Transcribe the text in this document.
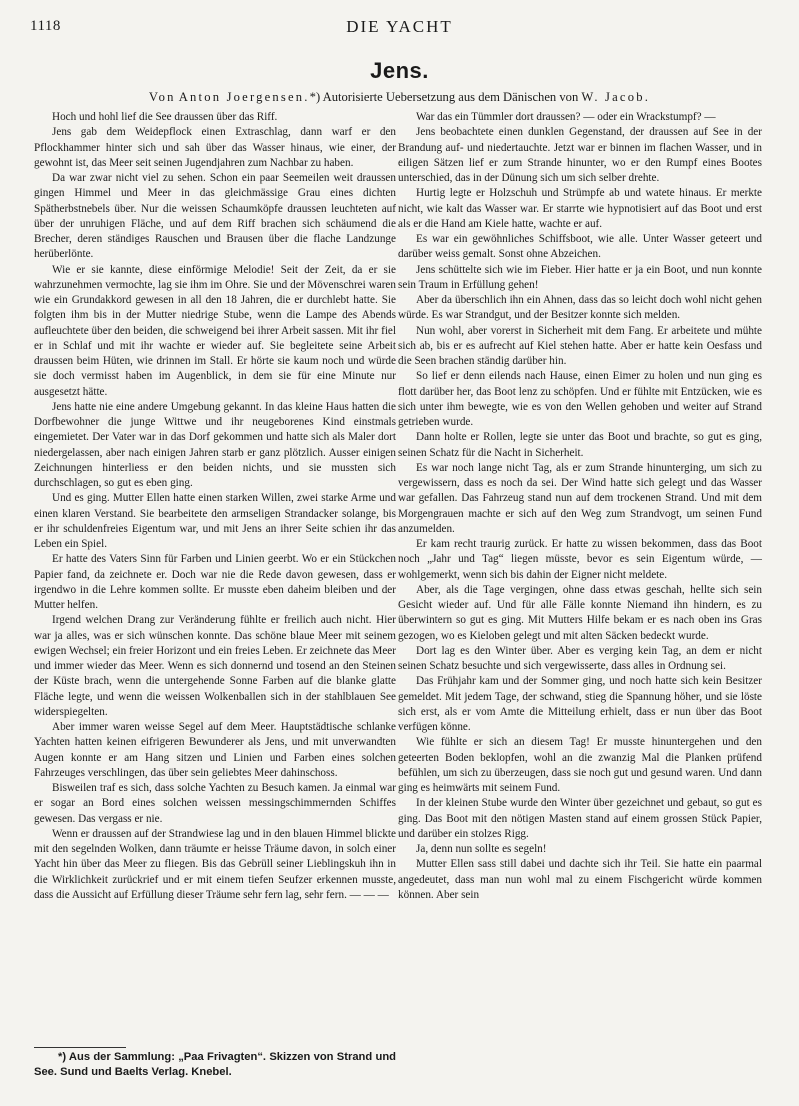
1118	DIE YACHT
Jens.
Von Anton Joergensen.*) Autorisierte Uebersetzung aus dem Dänischen von W. Jacob.

Hoch und hohl lief die See draussen über das Riff.

Jens gab dem Weidepflock einen Extraschlag, dann warf er den Pflockhammer hinter sich und sah über das Wasser hinaus, wie einer, der gewohnt ist, das Meer seit seinen Jugendjahren zum Nachbar zu haben.

Da war zwar nicht viel zu sehen. Schon ein paar Seemeilen weit draussen gingen Himmel und Meer in das gleichmässige Grau eines dichten Spätherbstnebels über. Nur die weissen Schaumköpfe draussen leuchteten auf über der unruhigen Fläche, und auf dem Riff brachen sich schäumend die Brecher, deren ständiges Rauschen und Brausen über die flache Landzunge herüberlönte.

Wie er sie kannte, diese einförmige Melodie! Seit der Zeit, da er sie wahrzunehmen vermochte, lag sie ihm im Ohre. Sie und der Mövenschrei waren wie ein Grundakkord gewesen in all den 18 Jahren, die er durchlebt hatte. Sie folgten ihm bis in der Mutter niedrige Stube, wenn die Lampe des Abends aufleuchtete über den beiden, die schweigend bei ihrer Arbeit sassen. Mit ihr fiel er in Schlaf und mit ihr wachte er wieder auf. Sie begleitete seine Arbeit draussen beim Hüten, wie drinnen im Stall. Er hörte sie kaum noch und würde sie doch vermisst haben im Augenblick, in dem sie für eine Minute nur ausgesetzt hätte.

Jens hatte nie eine andere Umgebung gekannt. In das kleine Haus hatten die Dorfbewohner die junge Wittwe und ihr neugeborenes Kind einstmals eingemietet. Der Vater war in das Dorf gekommen und hatte sich als Maler dort niedergelassen, aber nach einigen Jahren starb er ganz plötzlich. Ausser einigen Zeichnungen hinterliess er den beiden nichts, und sie mussten sich durchschlagen, so gut es eben ging.

Und es ging. Mutter Ellen hatte einen starken Willen, zwei starke Arme und einen klaren Verstand. Sie bearbeitete den armseligen Strandacker solange, bis er ihr schuldenfreies Eigentum war, und mit Jens an ihrer Seite schien ihr das Leben ein Spiel.

Er hatte des Vaters Sinn für Farben und Linien geerbt. Wo er ein Stückchen Papier fand, da zeichnete er. Doch war nie die Rede davon gewesen, dass er irgendwo in die Lehre kommen sollte. Er musste eben daheim bleiben und der Mutter helfen.

Irgend welchen Drang zur Veränderung fühlte er freilich auch nicht. Hier war ja alles, was er sich wünschen konnte. Das schöne blaue Meer mit seinem ewigen Wechsel; ein freier Horizont und ein freies Leben. Er zeichnete das Meer und immer wieder das Meer. Wenn es sich donnernd und tosend an den Steinen der Küste brach, wenn die untergehende Sonne Farben auf die blanke glatte Fläche legte, und wenn die weissen Wolkenballen sich in der stahlblauen See widerspiegelten.

Aber immer waren weisse Segel auf dem Meer. Hauptstädtische schlanke Yachten hatten keinen eifrigeren Bewunderer als Jens, und mit unverwandten Augen konnte er am Hang sitzen und Linien und Farben eines solchen Fahrzeuges verschlingen, das über sein geliebtes Meer dahinschoss.

Bisweilen traf es sich, dass solche Yachten zu Besuch kamen. Ja einmal war er sogar an Bord eines solchen weissen messingschimmernden Schiffes gewesen. Das vergass er nie.

Wenn er draussen auf der Strandwiese lag und in den blauen Himmel blickte mit den segelnden Wolken, dann träumte er heisse Träume davon, in solch einer Yacht hin über das Meer zu fliegen. Bis das Gebrüll seiner Lieblingskuh ihn in die Wirklichkeit zurückrief und er mit einem tiefen Seufzer erkennen musste, dass die Aussicht auf Erfüllung dieser Träume sehr fern lag, sehr fern. — — —

War das ein Tümmler dort draussen? — oder ein Wrackstumpf? —

Jens beobachtete einen dunklen Gegenstand, der draussen auf See in der Brandung auf- und niedertauchte. Jetzt war er binnen im flachen Wasser, und in eiligen Sätzen lief er zum Strande hinunter, wo er den Rumpf eines Bootes unterschied, das in der Dünung sich um sich selber drehte.

Hurtig legte er Holzschuh und Strümpfe ab und watete hinaus. Er merkte nicht, wie kalt das Wasser war. Er starrte wie hypnotisiert auf das Boot und erst als er die Hand am Kiele hatte, wachte er auf.

Es war ein gewöhnliches Schiffsboot, wie alle. Unter Wasser geteert und darüber weiss gemalt. Sonst ohne Abzeichen.

Jens schüttelte sich wie im Fieber. Hier hatte er ja ein Boot, und nun konnte sein Traum in Erfüllung gehen!

Aber da überschlich ihn ein Ahnen, dass das so leicht doch wohl nicht gehen würde. Es war Strandgut, und der Besitzer konnte sich melden.

Nun wohl, aber vorerst in Sicherheit mit dem Fang. Er arbeitete und mühte sich ab, bis er es aufrecht auf Kiel stehen hatte. Aber er hatte kein Oesfass und die Seen brachen ständig darüber hin.

So lief er denn eilends nach Hause, einen Eimer zu holen und nun ging es flott darüber her, das Boot lenz zu schöpfen. Und er fühlte mit Entzücken, wie es sich unter ihm bewegte, wie es von den Wellen gehoben und weiter auf Strand getrieben wurde.

Dann holte er Rollen, legte sie unter das Boot und brachte, so gut es ging, seinen Schatz für die Nacht in Sicherheit.

Es war noch lange nicht Tag, als er zum Strande hinunterging, um sich zu vergewissern, dass es noch da sei. Der Wind hatte sich gelegt und das Wasser war gefallen. Das Fahrzeug stand nun auf dem trockenen Strand. Und mit dem Morgengrauen machte er sich auf den Weg zum Strandvogt, um seinen Fund anzumelden.

Er kam recht traurig zurück. Er hatte zu wissen bekommen, dass das Boot noch „Jahr und Tag“ liegen müsste, bevor es sein Eigentum würde, — wohlgemerkt, wenn sich bis dahin der Eigner nicht meldete.

Aber, als die Tage vergingen, ohne dass etwas geschah, hellte sich sein Gesicht wieder auf. Und für alle Fälle konnte Niemand ihn hindern, es zu überwintern so gut es ging. Mit Mutters Hilfe bekam er es nach oben ins Gras gezogen, wo es Kieloben gelegt und mit alten Säcken bedeckt wurde.

Dort lag es den Winter über. Aber es verging kein Tag, an dem er nicht seinen Schatz besuchte und sich vergewisserte, dass alles in Ordnung sei.

Das Frühjahr kam und der Sommer ging, und noch hatte sich kein Besitzer gemeldet. Mit jedem Tage, der schwand, stieg die Spannung höher, und sie löste sich erst, als er vom Amte die Mitteilung erhielt, dass er nun über das Boot verfügen könne.

Wie fühlte er sich an diesem Tag! Er musste hinuntergehen und den geteerten Boden beklopfen, wohl an die zwanzig Mal die Planken prüfend befühlen, um sich zu überzeugen, dass sie noch gut und gesund waren. Und dann ging es heimwärts mit seinem Fund.

In der kleinen Stube wurde den Winter über gezeichnet und gebaut, so gut es ging. Das Boot mit den nötigen Masten stand auf einem grossen Stück Papier, und darüber ein stolzes Rigg.

Ja, denn nun sollte es segeln!

Mutter Ellen sass still dabei und dachte sich ihr Teil. Sie hatte ein paarmal angedeutet, dass man nun wohl mal zu einem Fischgericht würde kommen können. Aber sein

*) Aus der Sammlung: „Paa Frivagten“. Skizzen von Strand und See. Sund und Baelts Verlag. Knebel.
